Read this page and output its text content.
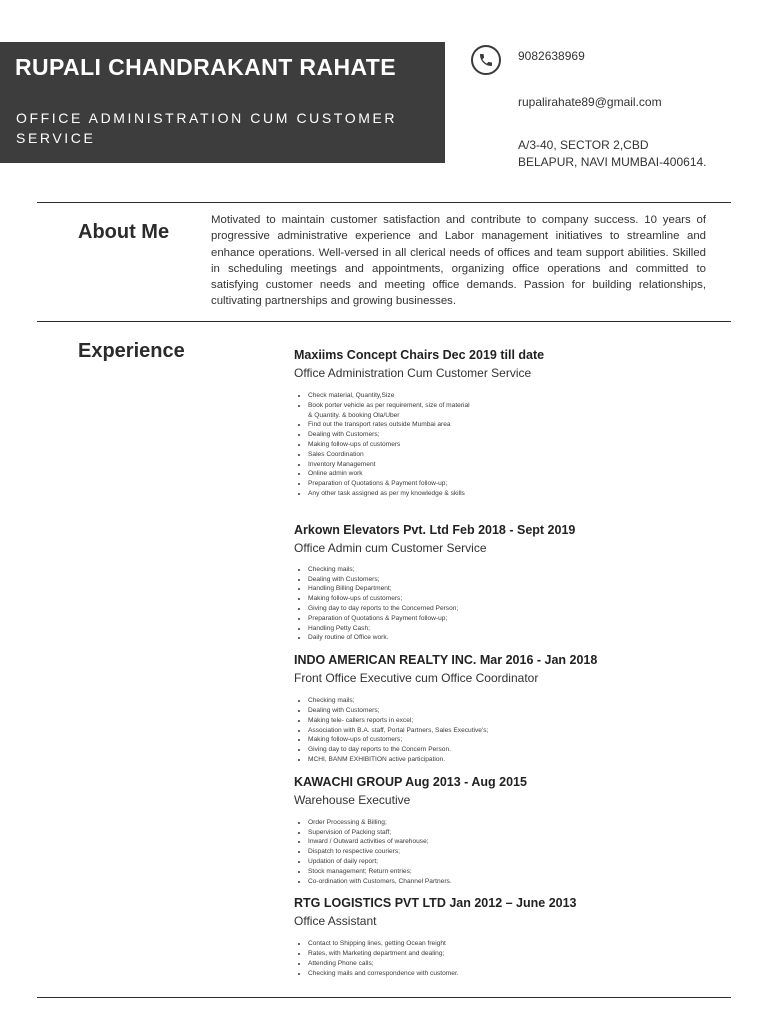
RUPALI CHANDRAKANT RAHATE

OFFICE ADMINISTRATION CUM CUSTOMER SERVICE

9082638969
rupalirahate89@gmail.com
A/3-40, SECTOR 2,CBD BELAPUR, NAVI MUMBAI-400614.
About Me

Motivated to maintain customer satisfaction and contribute to company success. 10 years of progressive administrative experience and Labor management initiatives to streamline and enhance operations. Well-versed in all clerical needs of offices and team support abilities. Skilled in scheduling meetings and appointments, organizing office operations and committed to satisfying customer needs and meeting office demands. Passion for building relationships, cultivating partnerships and growing businesses.

Experience	Maxiims Concept Chairs Dec 2019 till date

Office Administration Cum Customer Service

• Check material, Quantity,Size
• Book porter vehicle as per requirement, size of material
& Quantity. & booking Ola/Uber
• Find out the transport rates outside Mumbai area
• Dealing with Customers;
• Making follow-ups of customers
• Sales Coordination
• Inventory Management
• Online admin work
• Preparation of Quotations & Payment follow-up;
• Any other task assigned as per my knowledge & skills

Arkown Elevators Pvt. Ltd Feb 2018 - Sept 2019

Office Admin cum Customer Service

• Checking mails;
• Dealing with Customers;
• Handling Billing Department;
• Making follow-ups of customers;
• Giving day to day reports to the Concerned Person;
• Preparation of Quotations & Payment follow-up;
• Handling Petty Cash;
• Daily routine of Office work.

INDO AMERICAN REALTY INC. Mar 2016 - Jan 2018

Front Office Executive cum Office Coordinator

• Checking mails;
• Dealing with Customers;
• Making tele- callers reports in excel;
• Association with B.A. staff, Portal Partners, Sales Executive's;
• Making follow-ups of customers;
• Giving day to day reports to the Concern Person.
• MCHI, BANM EXHIBITION active participation.

KAWACHI GROUP Aug 2013 - Aug 2015

Warehouse Executive

• Order Processing & Billing;
• Supervision of Packing staff;
• Inward / Outward activities of warehouse;
• Dispatch to respective couriers;
• Updation of daily report;
• Stock management; Return entries;
• Co-ordination with Customers, Channel Partners.

RTG LOGISTICS PVT LTD Jan 2012 – June 2013

Office Assistant

• Contact to Shipping lines, getting Ocean freight
• Rates, with Marketing department and dealing;
• Attending Phone calls;
• Checking mails and correspondence with customer.
